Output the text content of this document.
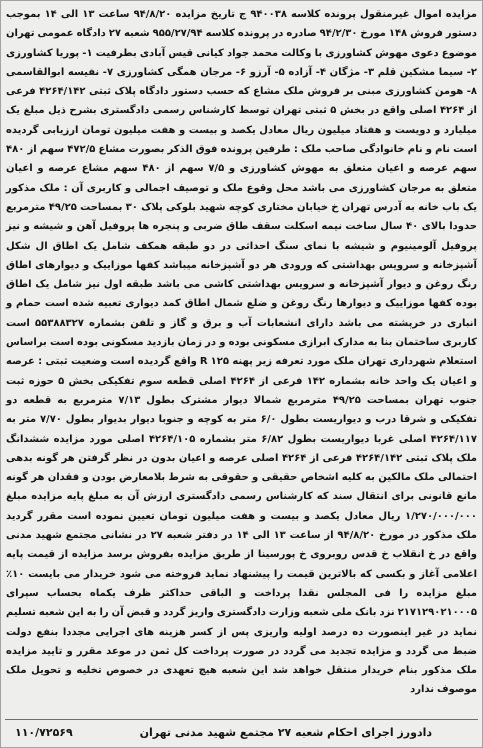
مزایده اموال غیرمنقول پرونده کلاسه ۹۴۰۰۳۸ ج تاریخ مزایده ۹۴/۸/۲۰ ساعت ۱۳ الی ۱۴ بموجب دستور فروش ۱۴۸ مورخ ۹۴/۲/۳۰ صادره در پرونده کلاسه ۹۵۵/۲۷/۹۴ شعبه ۲۷ دادگاه عمومی تهران موضوع دعوی مهوش کشاورزی با وکالت محمد جواد کیانی قیس آبادی بطرفیت ۱- پوریا کشاورزی ۲- سیما مشکین قلم ۳- مژگان ۴- آزاده ۵- آرزو ۶- مرجان همگی کشاورزی ۷- نفیسه ابوالقاسمی ۸- هومن کشاورزی مبنی بر فروش ملک مشاع که حسب دستور دادگاه پلاک ثبتی ۴۲۶۴/۱۴۲ فرعی از ۴۲۶۴ اصلی واقع در بخش ۵ ثبتی تهران توسط کارشناس رسمی دادگستری بشرح ذیل مبلغ یک میلیارد و دویست و هفتاد میلیون ریال معادل یکصد و بیست و هفت میلیون تومان ارزیابی گردیده است نام و نام خانوادگی صاحب ملک : طرفین پرونده فوق الذکر بصورت مشاع ۴۷۲/۵ سهم از ۴۸۰ سهم عرصه و اعیان متعلق به مهوش کشاورزی و ۷/۵ سهم از ۴۸۰ سهم مشاع عرصه و اعیان متعلق به مرجان کشاورزی می باشد محل وقوع ملک و توصیف اجمالی و کاربری آن : ملک مذکور یک باب خانه به آدرس تهران خ خیابان مختاری کوچه شهید بلوکی پلاک ۳۰ بمساحت ۴۹/۲۵ مترمربع حدودا بالای ۴۰ سال ساخت نیمه اسکلت سقف طاق ضربی و پنجره ها پروفیل آهن و شیشه و نیز پروفیل آلومینیوم و شیشه با نمای سنگ احداثی در دو طبقه همکف شامل یک اطاق ال شکل آشپزخانه و سرویس بهداشتی که ورودی هر دو آشپزخانه میباشد کفها موزاییک و دیوارهای اطاق رنگ روغن و دیوار آشپزخانه و سرویس بهداشتی کاشی می باشد طبقه اول نیز شامل یک اطاق بوده کفها موزاییک و دیوارها رنگ روغن و ضلع شمال اطاق کمد دیواری تعبیه شده است حمام و انباری در خرپشته می باشد دارای انشعابات آب و برق و گاز و تلفن بشماره ۵۵۳۸۸۳۲۷ است کاربری ساختمان بنا به مدارک ابرازی مسکونی بوده و در زمان بازدید مسکونی بوده است براساس استعلام شهرداری تهران ملک مورد تعرفه زیر پهنه ۱۲۵ R واقع گردیده است وضعیت ثبتی : عرصه و اعیان یک واحد خانه بشماره ۱۴۲ فرعی از ۴۲۶۴ اصلی قطعه سوم تفکیکی بخش ۵ حوزه ثبت جنوب تهران بمساحت ۴۹/۲۵ مترمربع شمالا دیوار مشترک بطول ۷/۱۳ مترمربع به قطعه دو تفکیکی و شرقا درب و دیواریست بطول ۶/۰ متر به کوچه و جنوبا دیوار بدیوار بطول ۷/۷۰ متر به ۴۲۶۴/۱۱۷ اصلی غربا دیواریست بطول ۶/۸۲ متر بشماره ۴۲۶۴/۱۰۵ اصلی مورد مزایده ششدانگ ملک پلاک ثبتی ۴۲۶۴/۱۴۲ فرعی از ۴۲۶۴ اصلی عرصه و اعیان بدون در نظر گرفتن هر گونه بدهی احتمالی ملک مالکین به کلیه اشخاص حقیقی و حقوقی به شرط بلامعارض بودن و فقدان هر گونه مانع قانونی برای انتقال سند که کارشناس رسمی دادگستری ارزش آن به مبلغ پایه مزایده مبلغ ۱/۲۷۰/۰۰۰/۰۰۰ ریال معادل یکصد و بیست و هفت میلیون تومان تعیین نموده است مقرر گردید ملک مذکور در مورخ ۹۴/۸/۲۰ از ساعت ۱۳ الی ۱۴ در دفتر شعبه ۲۷ در نشانی مجتمع شهید مدنی واقع در خ انقلاب خ قدس روبروی خ پورسینا از طریق مزایده بفروش برسد مزایده از قیمت پایه اعلامی آغاز و بکسی که بالاترین قیمت را پیشنهاد نماید فروخته می شود خریدار می بایست ۱۰٪ مبلغ مزایده را فی المجلس نقدا پرداخت و الباقی حداکثر ظرف یکماه بحساب سپرای ۲۱۷۱۲۹۰۲۱۰۰۰۵ نزد بانک ملی شعبه وزارت دادگستری واریز گردد و قبض آن را به این شعبه تسلیم نماید در غیر اینصورت ده درصد اولیه واریزی پس از کسر هزینه های اجرایی مجددا بنفع دولت ضبط می گردد و مزایده تجدید می گردد در صورت پرداخت کل ثمن در موعد مقرر و تایید مزایده ملک مذکور بنام خریدار منتقل خواهد شد این شعبه هیچ تعهدی در خصوص تخلیه و تحویل ملک موصوف ندارد

دادورز اجرای احکام شعبه ۲۷ مجتمع شهید مدنی تهران
۱۱۰/۷۲۵۶۹
